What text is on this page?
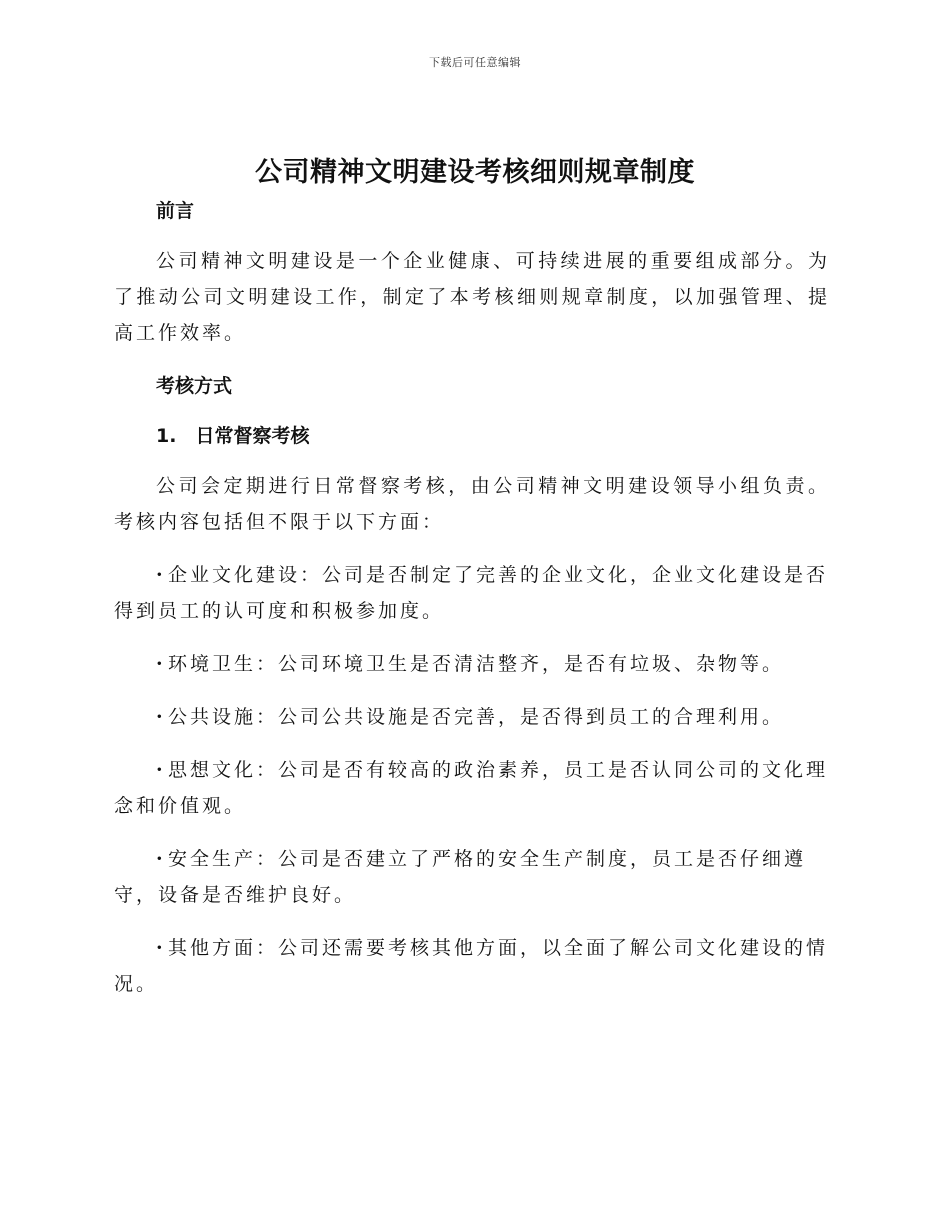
下载后可任意编辑
公司精神文明建设考核细则规章制度
前言

公司精神文明建设是一个企业健康、可持续进展的重要组成部分。为了推动公司文明建设工作，制定了本考核细则规章制度，以加强管理、提高工作效率。

考核方式
1.　日常督察考核

公司会定期进行日常督察考核，由公司精神文明建设领导小组负责。考核内容包括但不限于以下方面：

· 企业文化建设：公司是否制定了完善的企业文化，企业文化建设是否得到员工的认可度和积极参加度。

· 环境卫生：公司环境卫生是否清洁整齐，是否有垃圾、杂物等。

· 公共设施：公司公共设施是否完善，是否得到员工的合理利用。

· 思想文化：公司是否有较高的政治素养，员工是否认同公司的文化理念和价值观。

· 安全生产：公司是否建立了严格的安全生产制度，员工是否仔细遵守，设备是否维护良好。

· 其他方面：公司还需要考核其他方面，以全面了解公司文化建设的情况。
